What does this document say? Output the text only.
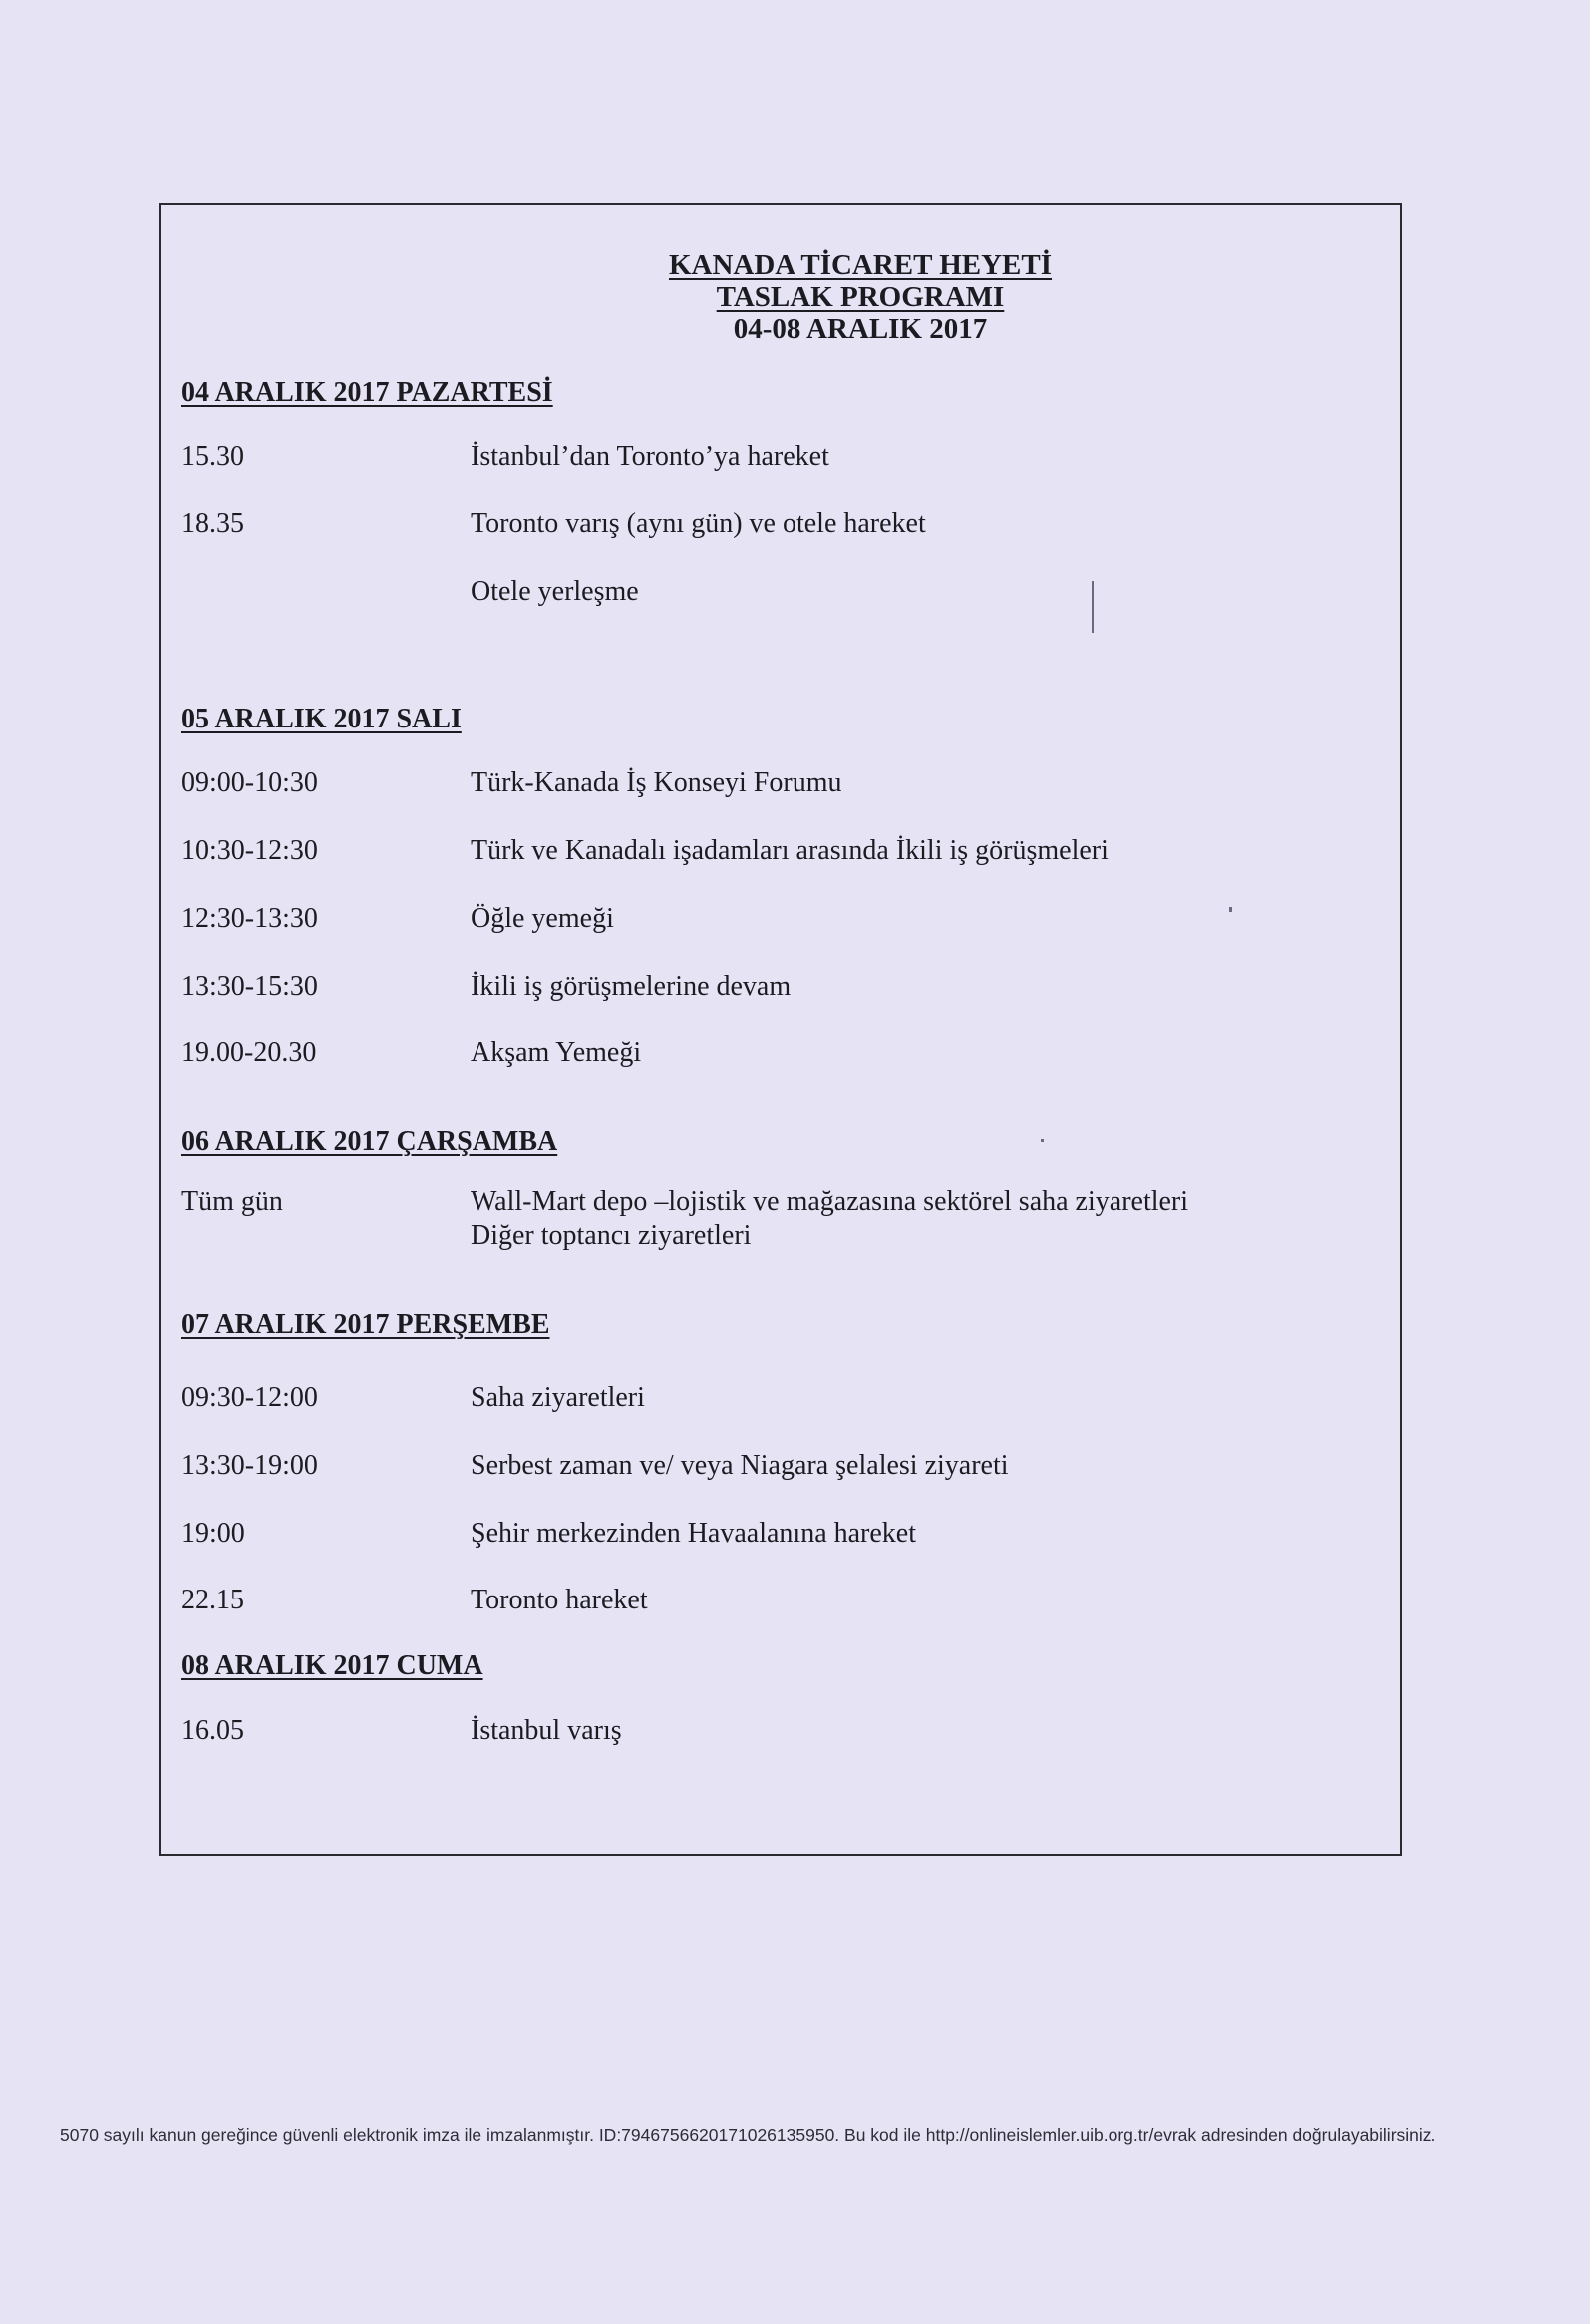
KANADA TİCARET HEYETİ
TASLAK PROGRAMI
04-08 ARALIK 2017
04 ARALIK 2017 PAZARTESİ
15.30	İstanbul’dan Toronto’ya hareket
18.35	Toronto varış (aynı gün) ve otele hareket
Otele yerleşme
05 ARALIK 2017 SALI
09:00-10:30	Türk-Kanada İş Konseyi Forumu
10:30-12:30	Türk ve Kanadalı işadamları arasında İkili iş görüşmeleri
12:30-13:30	Öğle yemeği
13:30-15:30	İkili iş görüşmelerine devam
19.00-20.30	Akşam Yemeği
06 ARALIK 2017 ÇARŞAMBA
Tüm gün	Wall-Mart depo –lojistik ve mağazasına sektörel saha ziyaretleri
Diğer toptancı ziyaretleri
07 ARALIK 2017 PERŞEMBE
09:30-12:00	Saha ziyaretleri
13:30-19:00	Serbest zaman ve/ veya Niagara şelalesi ziyareti
19:00	Şehir merkezinden Havaalanına hareket
22.15	Toronto hareket
08 ARALIK 2017 CUMA
16.05	İstanbul varış
5070 sayılı kanun gereğince güvenli elektronik imza ile imzalanmıştır. ID:7946756620171026135950. Bu kod ile http://onlineislemler.uib.org.tr/evrak adresinden doğrulayabilirsiniz.
